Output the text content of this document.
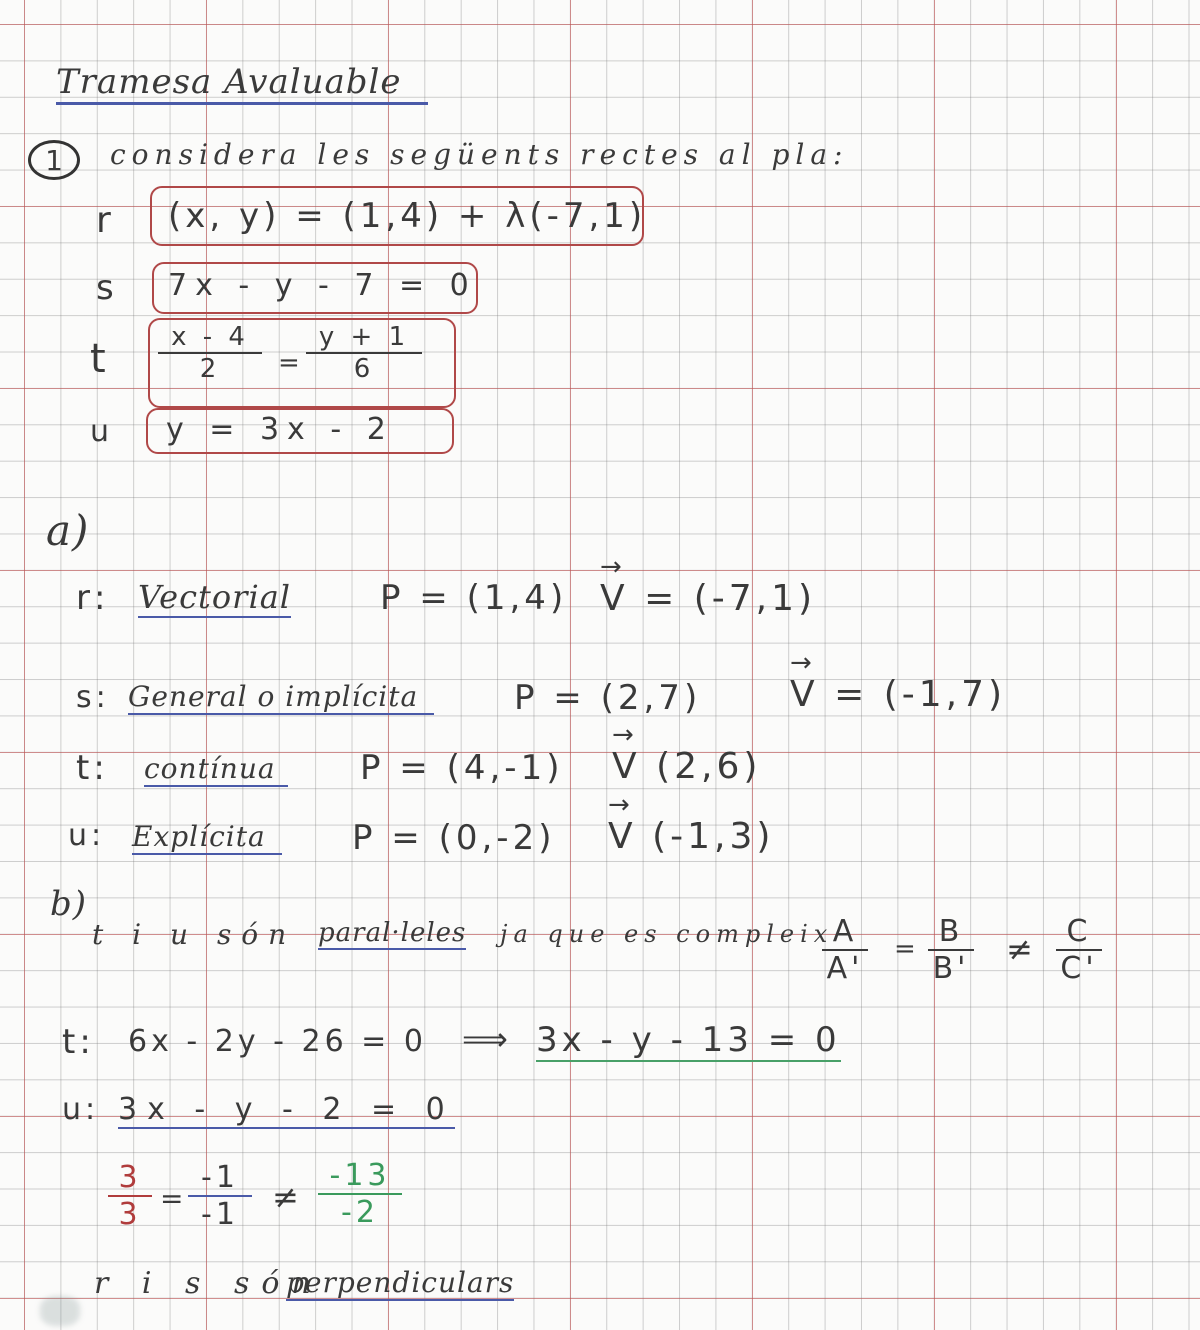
Tramesa Avaluable
1 considera les següents rectes al pla:
r (x, y) = (1,4) + λ(-7,1)
s 7x - y - 7 = 0
t x - 4
2 =
y + 1
6
u y = 3x - 2
a)
r: Vectorial	P = (1,4) → V = (-7,1)
s: General o implícita	P = (2,7) → V = (-1,7)
t: contínua	P = (4,-1) → V (2,6)
u: Explícita	P = (0,-2) → V (-1,3)
b)
t i u són paral·leles ja que es compleix A
A'
= B
B'
≠ C
C'
t: 6x - 2y - 26 = 0 ⟹ 3x - y - 13 = 0
u: 3x - y - 2 = 0
3
3 =
-1
-1 ≠
-13
-2
r i s són
perpendiculars
